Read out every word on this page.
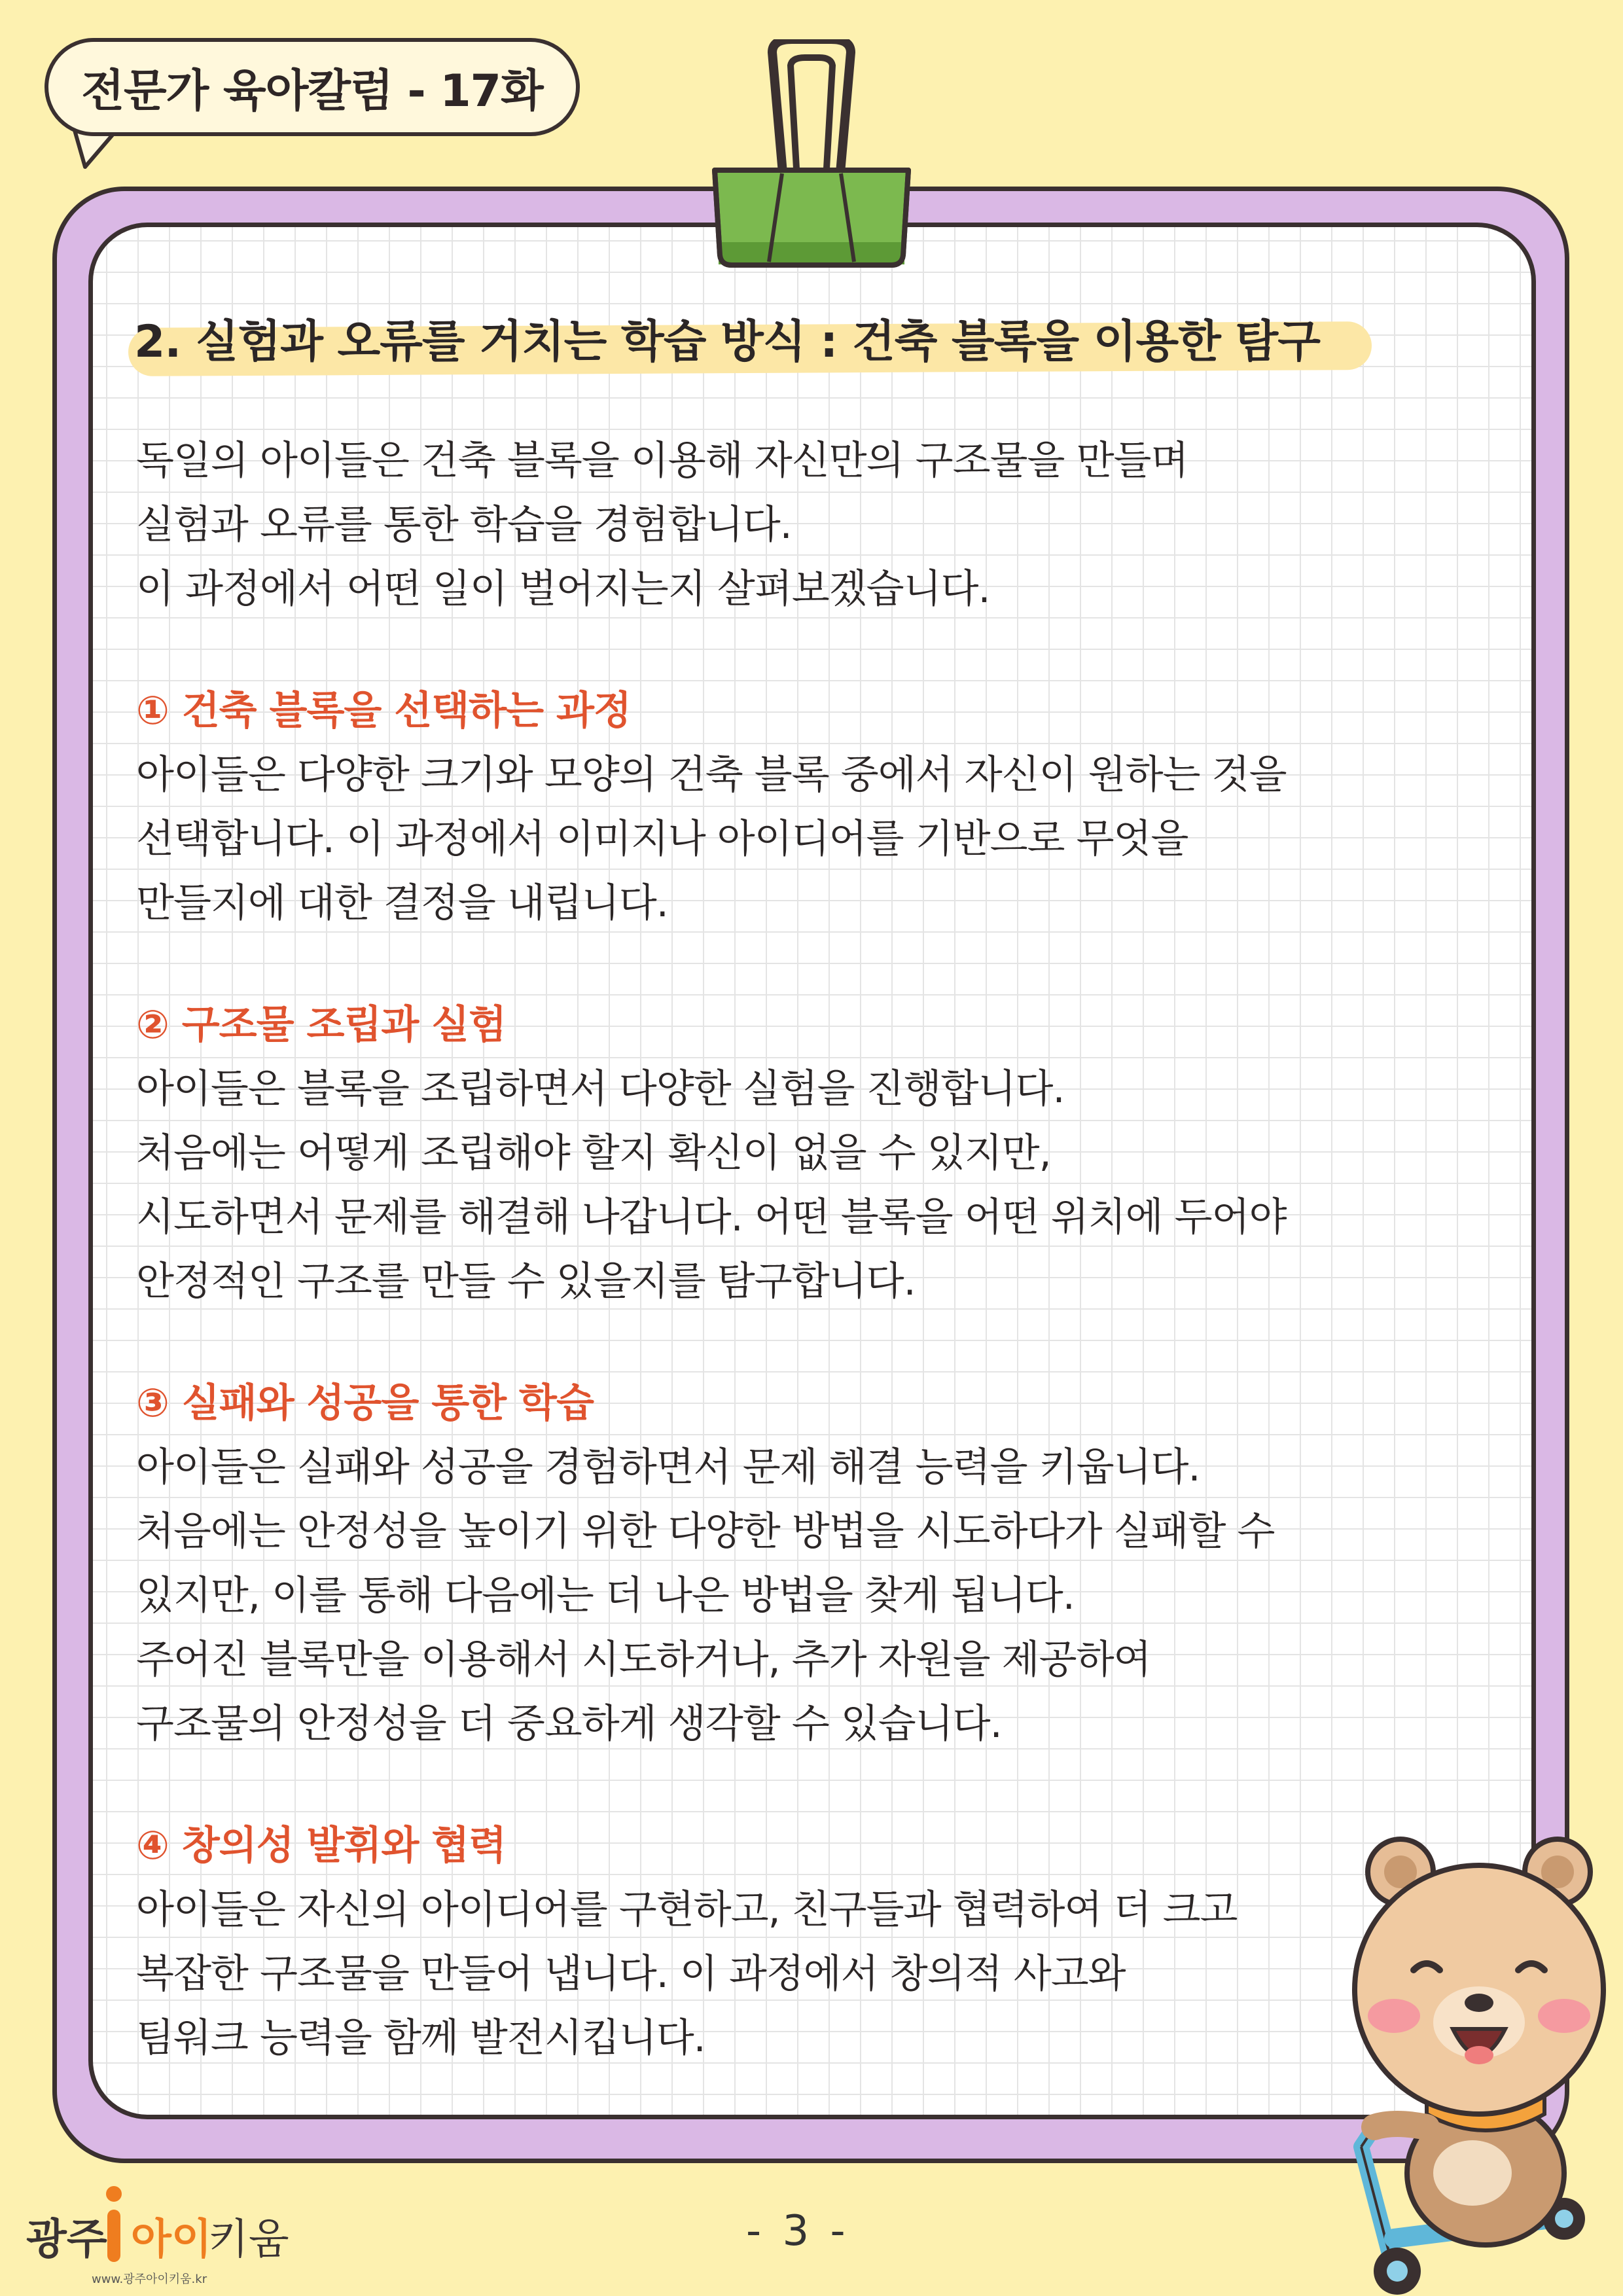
전문가 육아칼럼 - 17화
2. 실험과 오류를 거치는 학습 방식 : 건축 블록을 이용한 탐구
독일의 아이들은 건축 블록을 이용해 자신만의 구조물을 만들며
실험과 오류를 통한 학습을 경험합니다.
이 과정에서 어떤 일이 벌어지는지 살펴보겠습니다.
① 건축 블록을 선택하는 과정
아이들은 다양한 크기와 모양의 건축 블록 중에서 자신이 원하는 것을
선택합니다. 이 과정에서 이미지나 아이디어를 기반으로 무엇을
만들지에 대한 결정을 내립니다.
② 구조물 조립과 실험
아이들은 블록을 조립하면서 다양한 실험을 진행합니다.
처음에는 어떻게 조립해야 할지 확신이 없을 수 있지만,
시도하면서 문제를 해결해 나갑니다. 어떤 블록을 어떤 위치에 두어야
안정적인 구조를 만들 수 있을지를 탐구합니다.
③ 실패와 성공을 통한 학습
아이들은 실패와 성공을 경험하면서 문제 해결 능력을 키웁니다.
처음에는 안정성을 높이기 위한 다양한 방법을 시도하다가 실패할 수
있지만, 이를 통해 다음에는 더 나은 방법을 찾게 됩니다.
주어진 블록만을 이용해서 시도하거나, 추가 자원을 제공하여
구조물의 안정성을 더 중요하게 생각할 수 있습니다.
④ 창의성 발휘와 협력
아이들은 자신의 아이디어를 구현하고, 친구들과 협력하여 더 크고
복잡한 구조물을 만들어 냅니다. 이 과정에서 창의적 사고와
팀워크 능력을 함께 발전시킵니다.
광주 아이
키움
www.광주아이키움.kr
- 3 -
